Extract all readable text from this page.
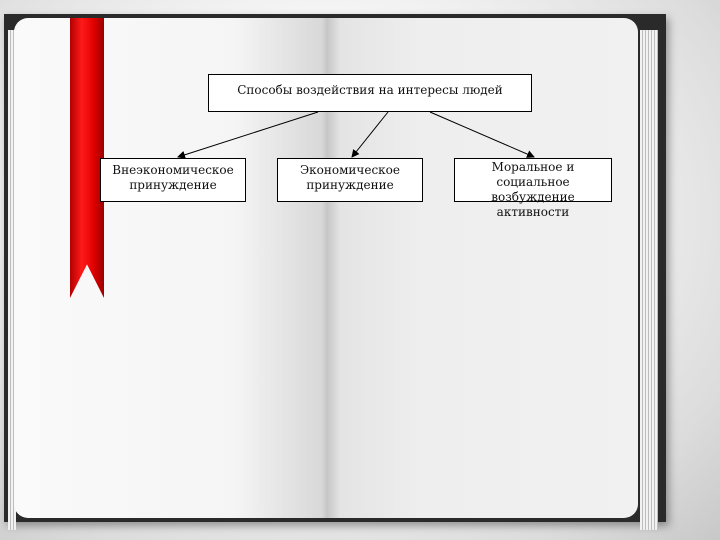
Способы воздействия на интересы людей
Внеэкономическое принуждение
Экономическое принуждение
Моральное и социальное возбуждение активности
